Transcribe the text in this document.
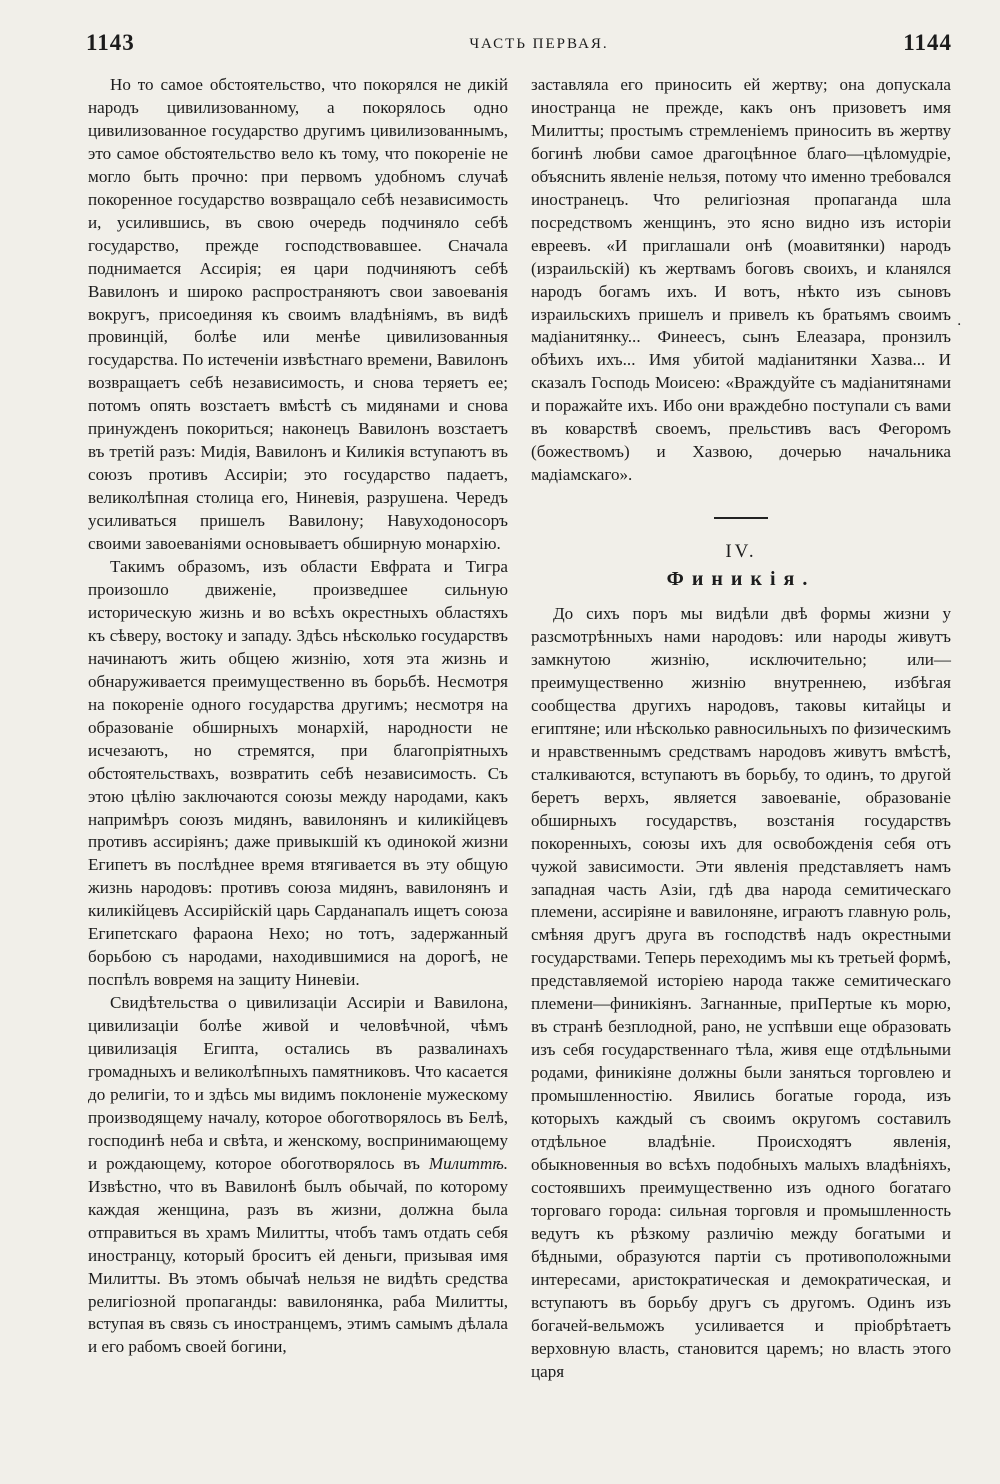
1143	ЧАСТЬ ПЕРВАЯ.	1144

Но то самое обстоятельство, что покорялся не дикій народъ цивилизованному, а покорялось одно цивилизованное государство другимъ цивилизованнымъ, это самое обстоятельство вело къ тому, что покореніе не могло быть прочно: при первомъ удобномъ случаѣ покоренное государство возвращало себѣ независимость и, усилившись, въ свою очередь подчиняло себѣ государство, прежде господствовавшее. Сначала поднимается Ассирія; ея цари подчиняютъ себѣ Вавилонъ и широко распространяютъ свои завоеванія вокругъ, присоединяя къ своимъ владѣніямъ, въ видѣ провинцій, болѣе или менѣе цивилизованныя государства. По истеченіи извѣстнаго времени, Вавилонъ возвращаетъ себѣ независимость, и снова теряетъ ее; потомъ опять возстаетъ вмѣстѣ съ мидянами и снова принужденъ покориться; наконецъ Вавилонъ возстаетъ въ третій разъ: Мидія, Вавилонъ и Киликія вступаютъ въ союзъ противъ Ассиріи; это государство падаетъ, великолѣпная столица его, Ниневія, разрушена. Чередъ усиливаться пришелъ Вавилону; Навуходоносоръ своими завоеваніями основываетъ обширную монархію.

Такимъ образомъ, изъ области Евфрата и Тигра произошло движеніе, произведшее сильную историческую жизнь и во всѣхъ окрестныхъ областяхъ къ сѣверу, востоку и западу. Здѣсь нѣсколько государствъ начинаютъ жить общею жизнію, хотя эта жизнь и обнаруживается преимущественно въ борьбѣ. Несмотря на покореніе одного государства другимъ; несмотря на образованіе обширныхъ монархій, народности не исчезаютъ, но стремятся, при благопріятныхъ обстоятельствахъ, возвратить себѣ независимость. Съ этою цѣлію заключаются союзы между народами, какъ напримѣръ союзъ мидянъ, вавилонянъ и киликійцевъ противъ ассиріянъ; даже привыкшій къ одинокой жизни Египетъ въ послѣднее время втягивается въ эту общую жизнь народовъ: противъ союза мидянъ, вавилонянъ и киликійцевъ Ассирійскій царь Сарданапалъ ищетъ союза Египетскаго фараона Нехо; но тотъ, задержанный борьбою съ народами, находившимися на дорогѣ, не поспѣлъ вовремя на защиту Ниневіи.

Свидѣтельства о цивилизаціи Ассиріи и Вавилона, цивилизаціи болѣе живой и человѣчной, чѣмъ цивилизація Египта, остались въ развалинахъ громадныхъ и великолѣпныхъ памятниковъ. Что касается до религіи, то и здѣсь мы видимъ поклоненіе мужескому производящему началу, которое обоготворялось въ Белѣ, господинѣ неба и свѣта, и женскому, воспринимающему и рождающему, которое обоготворялось въ Милиттѣ. Извѣстно, что въ Вавилонѣ былъ обычай, по которому каждая женщина, разъ въ жизни, должна была отправиться въ храмъ Милитты, чтобъ тамъ отдать себя иностранцу, который броситъ ей деньги, призывая имя Милитты. Въ этомъ обычаѣ нельзя не видѣть средства религіозной пропаганды: вавилонянка, раба Милитты, вступая въ связь съ иностранцемъ, этимъ самымъ дѣлала и его рабомъ своей богини,

заставляла его приносить ей жертву; она допускала иностранца не прежде, какъ онъ призоветъ имя Милитты; простымъ стремленіемъ приносить въ жертву богинѣ любви самое драгоцѣнное благо—цѣломудріе, объяснить явленіе нельзя, потому что именно требовался иностранецъ. Что религіозная пропаганда шла посредствомъ женщинъ, это ясно видно изъ исторіи евреевъ. «И приглашали онѣ (моавитянки) народъ (израильскій) къ жертвамъ боговъ своихъ, и кланялся народъ богамъ ихъ. И вотъ, нѣкто изъ сыновъ израильскихъ пришелъ и привелъ къ братьямъ своимъ мадіанитянку... Финеесъ, сынъ Елеазара, пронзилъ обѣихъ ихъ... Имя убитой мадіанитянки Хазва... И сказалъ Господь Моисею: «Враждуйте съ мадіанитянами и поражайте ихъ. Ибо они враждебно поступали съ вами въ коварствѣ своемъ, прельстивъ васъ Фегоромъ (божествомъ) и Хазвою, дочерью начальника мадіамскаго».

IV.
Финикія.

До сихъ поръ мы видѣли двѣ формы жизни у разсмотрѣнныхъ нами народовъ: или народы живутъ замкнутою жизнію, исключительно; или—преимущественно жизнію внутреннею, избѣгая сообщества другихъ народовъ, таковы китайцы и египтяне; или нѣсколько равносильныхъ по физическимъ и нравственнымъ средствамъ народовъ живутъ вмѣстѣ, сталкиваются, вступаютъ въ борьбу, то одинъ, то другой беретъ верхъ, является завоеваніе, образованіе обширныхъ государствъ, возстанія государствъ покоренныхъ, союзы ихъ для освобожденія себя отъ чужой зависимости. Эти явленія представляетъ намъ западная часть Азіи, гдѣ два народа семитическаго племени, ассиріяне и вавилоняне, играютъ главную роль, смѣняя другъ друга въ господствѣ надъ окрестными государствами. Теперь переходимъ мы къ третьей формѣ, представляемой исторіею народа также семитическаго племени—финикіянъ. Загнанные, приПертые къ морю, въ странѣ безплодной, рано, не успѣвши еще образовать изъ себя государственнаго тѣла, живя еще отдѣльными родами, финикіяне должны были заняться торговлею и промышленностію. Явились богатые города, изъ которыхъ каждый съ своимъ округомъ составилъ отдѣльное владѣніе. Происходятъ явленія, обыкновенныя во всѣхъ подобныхъ малыхъ владѣніяхъ, состоявшихъ преимущественно изъ одного богатаго торговаго города: сильная торговля и промышленность ведутъ къ рѣзкому различію между богатыми и бѣдными, образуются партіи съ противоположными интересами, аристократическая и демократическая, и вступаютъ въ борьбу другъ съ другомъ. Одинъ изъ богачей-вельможъ усиливается и пріобрѣтаетъ верховную власть, становится царемъ; но власть этого царя

·
